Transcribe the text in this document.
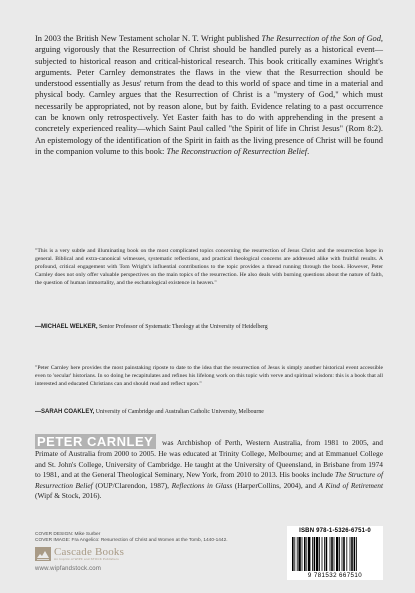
In 2003 the British New Testament scholar N. T. Wright published The Resurrection of the Son of God, arguing vigorously that the Resurrection of Christ should be handled purely as a historical event—subjected to historical reason and critical-historical research. This book critically examines Wright's arguments. Peter Carnley demonstrates the flaws in the view that the Resurrection should be understood essentially as Jesus' return from the dead to this world of space and time in a material and physical body. Carnley argues that the Resurrection of Christ is a "mystery of God," which must necessarily be appropriated, not by reason alone, but by faith. Evidence relating to a past occurrence can be known only retrospectively. Yet Easter faith has to do with apprehending in the present a concretely experienced reality—which Saint Paul called "the Spirit of life in Christ Jesus" (Rom 8:2). An epistemology of the identification of the Spirit in faith as the living presence of Christ will be found in the companion volume to this book: The Reconstruction of Resurrection Belief.

"This is a very subtle and illuminating book on the most complicated topics concerning the resurrection of Jesus Christ and the resurrection hope in general. Biblical and extra-canonical witnesses, systematic reflections, and practical theological concerns are addressed alike with fruitful results. A profound, critical engagement with Tom Wright's influential contributions to the topic provides a thread running through the book. However, Peter Carnley does not only offer valuable perspectives on the main topics of the resurrection. He also deals with burning questions about the nature of faith, the question of human immortality, and the eschatological existence in heaven."

—MICHAEL WELKER, Senior Professor of Systematic Theology at the University of Heidelberg

"Peter Carnley here provides the most painstaking riposte to date to the idea that the resurrection of Jesus is simply another historical event accessible even to 'secular' historians. In so doing he recapitulates and refines his lifelong work on this topic with verve and spiritual wisdom: this is a book that all interested and educated Christians can and should read and reflect upon."

—SARAH COAKLEY, University of Cambridge and Australian Catholic University, Melbourne

PETER CARNLEY was Archbishop of Perth, Western Australia, from 1981 to 2005, and Primate of Australia from 2000 to 2005. He was educated at Trinity College, Melbourne; and at Emmanuel College and St. John's College, University of Cambridge. He taught at the University of Queensland, in Brisbane from 1974 to 1981, and at the General Theological Seminary, New York, from 2010 to 2013. His books include The Structure of Resurrection Belief (OUP/Clarendon, 1987), Reflections in Glass (HarperCollins, 2004), and A Kind of Retirement (Wipf & Stock, 2016).

COVER DESIGN: Mike Surber
COVER IMAGE: Fra Angelico: Resurrection of Christ and Women at the Tomb, 1440-1442.
Cascade Books
An Imprint of WIPF and STOCK Publishers
www.wipfandstock.com
ISBN 978-1-5326-6751-0
9 781532 667510
